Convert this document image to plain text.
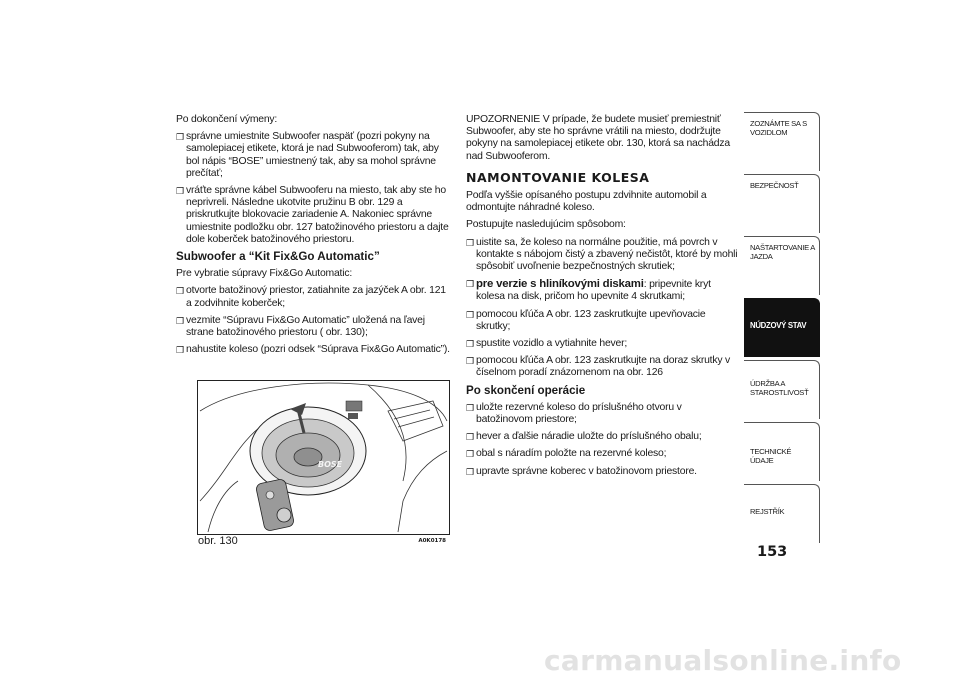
Po dokončení výmeny:

❒ správne umiestnite Subwoofer naspäť (pozri pokyny na samolepiacej etikete, ktorá je nad Subwooferom) tak, aby bol nápis “BOSE” umiestnený tak, aby sa mohol správne prečítať;
❒ vráťte správne kábel Subwooferu na miesto, tak aby ste ho neprivreli. Následne ukotvite pružinu B obr. 129 a priskrutkujte blokovacie zariadenie A. Nakoniec správne umiestnite podložku obr. 127 batožinového priestoru a dajte dole koberček batožinového priestoru.
Subwoofer a “Kit Fix&Go Automatic”

Pre vybratie súpravy Fix&Go Automatic:

❒ otvorte batožinový priestor, zatiahnite za jazýček A obr. 121 a zodvihnite koberček;
❒ vezmite “Súpravu Fix&Go Automatic” uložená na ľavej strane batožinového priestoru ( obr. 130);
❒ nahustite koleso (pozri odsek “Súprava Fix&Go Automatic”).
BOSE
obr. 130	A0K0178

UPOZORNENIE V prípade, že budete musieť premiestniť Subwoofer, aby ste ho správne vrátili na miesto, dodržujte pokyny na samolepiacej etikete obr. 130, ktorá sa nachádza nad Subwooferom.

NAMONTOVANIE KOLESA

Podľa vyššie opísaného postupu zdvihnite automobil a odmontujte náhradné koleso.

Postupujte nasledujúcim spôsobom:

❒ uistite sa, že koleso na normálne použitie, má povrch v kontakte s nábojom čistý a zbavený nečistôt, ktoré by mohli spôsobiť uvoľnenie bezpečnostných skrutiek;
❒ pre verzie s hliníkovými diskami: pripevnite kryt kolesa na disk, pričom ho upevnite 4 skrutkami;
❒ pomocou kľúča A obr. 123 zaskrutkujte upevňovacie skrutky;
❒ spustite vozidlo a vytiahnite hever;
❒ pomocou kľúča A obr. 123 zaskrutkujte na doraz skrutky v číselnom poradí znázornenom na obr. 126
Po skončení operácie
❒ uložte rezervné koleso do príslušného otvoru v batožinovom priestore;
❒ hever a ďalšie náradie uložte do príslušného obalu;
❒ obal s náradím položte na rezervné koleso;
❒ upravte správne koberec v batožinovom priestore.
ZOZNÁMTE SA S VOZIDLOM
BEZPEČNOSŤ
NAŠTARTOVANIE A JAZDA
NÚDZOVÝ STAV
ÚDRŽBA A STAROSTLIVOSŤ
TECHNICKÉ ÚDAJE
REJSTŘÍK
153
carmanualsonline.info
